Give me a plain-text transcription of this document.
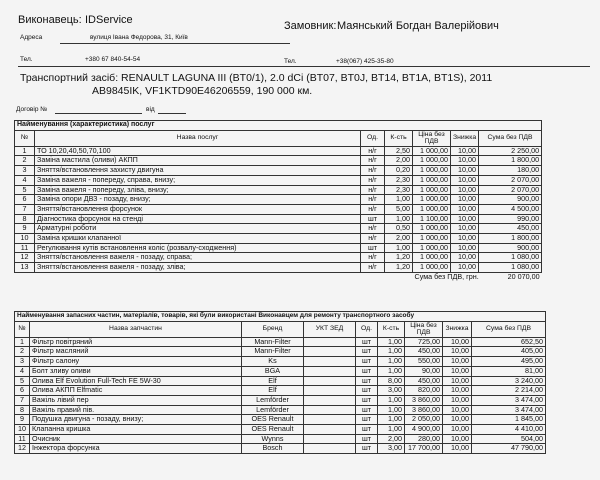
Виконавець: IDService	Замовник: Маянський Богдан Валерійович
Адреса	вулиця Івана Федорова, 31, Київ
Тел.	+380 67 840-54-54	Тел.	+38(067) 425-35-80
Транспортний засіб: RENAULT LAGUNA III (BT0/1), 2.0 dCi (BT07, BT0J, BT14, BT1A, BT1S), 2011
AB9845IK, VF1KTD90E46206559, 190 000 км.
Договір №	від
Найменування (характеристика) послуг						
№	Назва послуг	Од.	К-сть	Ціна без ПДВ	Знижка	Сума без ПДВ
1	ТО 10,20,40,50,70,100	н/г	2,50	1 000,00	10,00	2 250,00
2	Заміна мастила (оливи) АКПП	н/г	2,00	1 000,00	10,00	1 800,00
3	Зняття/встановлення захисту двигуна	н/г	0,20	1 000,00	10,00	180,00
4	Заміна важеля - попереду, справа, внизу;	н/г	2,30	1 000,00	10,00	2 070,00
5	Заміна важеля - попереду, зліва, внизу;	н/г	2,30	1 000,00	10,00	2 070,00
6	Заміна опори ДВЗ - позаду, внизу;	н/г	1,00	1 000,00	10,00	900,00
7	Зняття/встановлення форсунок	н/г	5,00	1 000,00	10,00	4 500,00
8	Діагностика форсунок на стенді	шт	1,00	1 100,00	10,00	990,00
9	Арматурні роботи	н/г	0,50	1 000,00	10,00	450,00
10	Заміна кришки клапанної	н/г	2,00	1 000,00	10,00	1 800,00
11	Регулювання кутів встановлення коліс (розвалу-сходження)	шт	1,00	1 000,00	10,00	900,00
12	Зняття/встановлення важеля - позаду, справа;	н/г	1,20	1 000,00	10,00	1 080,00
13	Зняття/встановлення важеля - позаду, зліва;	н/г	1,20	1 000,00	10,00	1 080,00
				Сума без ПДВ, грн.		20 070,00
Найменування запасних частин, матеріалів, товарів, які були використані Виконавцем для ремонту транспортного засобу								
№	Назва запчастин	Бренд	УКТ ЗЕД	Од.	К-сть	Ціна без ПДВ	Знижка	Сума без ПДВ
1	Фільтр повітряний	Mann-Filter		шт	1,00	725,00	10,00	652,50
2	Фільтр масляний	Mann-Filter		шт	1,00	450,00	10,00	405,00
3	Фільтр салону	Ks		шт	1,00	550,00	10,00	495,00
4	Болт зливу оливи	BGA		шт	1,00	90,00	10,00	81,00
5	Олива Elf Evolution Full-Tech FE 5W-30	Elf		шт	8,00	450,00	10,00	3 240,00
6	Олива АКПП Elfmatic	Elf		шт	3,00	820,00	10,00	2 214,00
7	Важіль лівий пер	Lemförder		шт	1,00	3 860,00	10,00	3 474,00
8	Важіль правий пів.	Lemförder		шт	1,00	3 860,00	10,00	3 474,00
9	Подушка двигуна - позаду, внизу;	OES Renault		шт	1,00	2 050,00	10,00	1 845,00
10	Клапанна кришка	OES Renault		шт	1,00	4 900,00	10,00	4 410,00
11	Очисник	Wynns		шт	2,00	280,00	10,00	504,00
12	Інжектора форсунка	Bosch		шт	3,00	17 700,00	10,00	47 790,00
